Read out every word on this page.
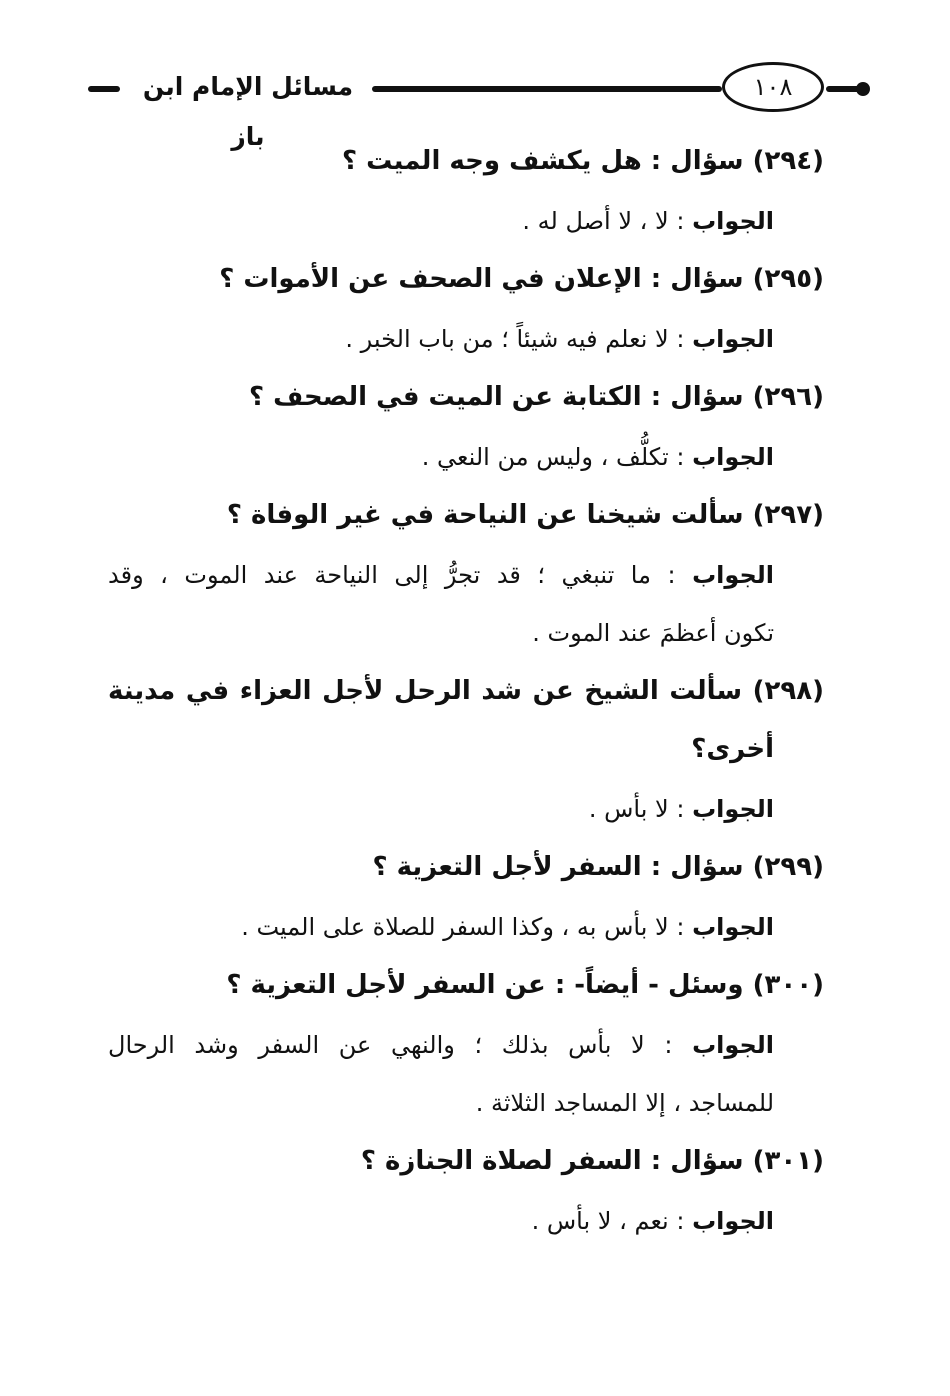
مسائل الإمام ابن باز
١٠٨
(٢٩٤) سؤال : هل يكشف وجه الميت ؟
الجواب : لا ، لا أصل له .
(٢٩٥) سؤال : الإعلان في الصحف عن الأموات ؟
الجواب : لا نعلم فيه شيئاً ؛ من باب الخبر .
(٢٩٦) سؤال : الكتابة عن الميت في الصحف ؟
الجواب : تكلُّف ، وليس من النعي .
(٢٩٧) سألت شيخنا عن النياحة في غير الوفاة ؟
الجواب : ما تنبغي ؛ قد تجرُّ إلى النياحة عند الموت ، وقد
تكون أعظمَ عند الموت .
(٢٩٨) سألت الشيخ عن شد الرحل لأجل العزاء في مدينة
أخرى؟
الجواب : لا بأس .
(٢٩٩) سؤال : السفر لأجل التعزية ؟
الجواب : لا بأس به ، وكذا السفر للصلاة على الميت .
(٣٠٠) وسئل - أيضاً- : عن السفر لأجل التعزية ؟
الجواب : لا بأس بذلك ؛ والنهي عن السفر وشد الرحال
للمساجد ، إلا المساجد الثلاثة .
(٣٠١) سؤال : السفر لصلاة الجنازة ؟
الجواب : نعم ، لا بأس .
